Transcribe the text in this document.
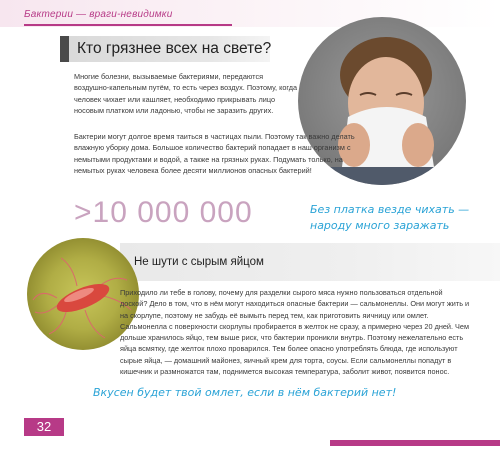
Бактерии — враги-невидимки
Кто грязнее всех на свете?
Многие болезни, вызываемые бактериями, передаются воздушно-капельным путём, то есть через воздух. Поэтому, когда человек чихает или кашляет, необходимо прикрывать лицо носовым платком или ладонью, чтобы не заразить других.
Бактерии могут долгое время таиться в частицах пыли. Поэтому так важно делать влажную уборку дома. Большое количество бактерий попадает в наш организм с немытыми продуктами и водой, а также на грязных руках. Подумать только, на немытых руках человека более десяти миллионов опасных бактерий!
>10 000 000	Без платка везде чихать — народу много заражать
Не шути с сырым яйцом
Приходило ли тебе в голову, почему для разделки сырого мяса нужно пользоваться отдельной доской? Дело в том, что в нём могут находиться опасные бактерии — сальмонеллы. Они могут жить и на скорлупе, поэтому не забудь её вымыть перед тем, как приготовить яичницу или омлет. Сальмонелла с поверхности скорлупы пробирается в желток не сразу, а примерно через 20 дней. Чем дольше хранилось яйцо, тем выше риск, что бактерии проникли внутрь. Поэтому нежелательно есть яйца всмятку, где желток плохо проварился. Тем более опасно употреблять блюда, где используют сырые яйца, — домашний майонез, яичный крем для торта, соусы. Если сальмонеллы попадут в кишечник и размножатся там, поднимется высокая температура, заболит живот, появится понос.
Вкусен будет твой омлет, если в нём бактерий нет!
32
